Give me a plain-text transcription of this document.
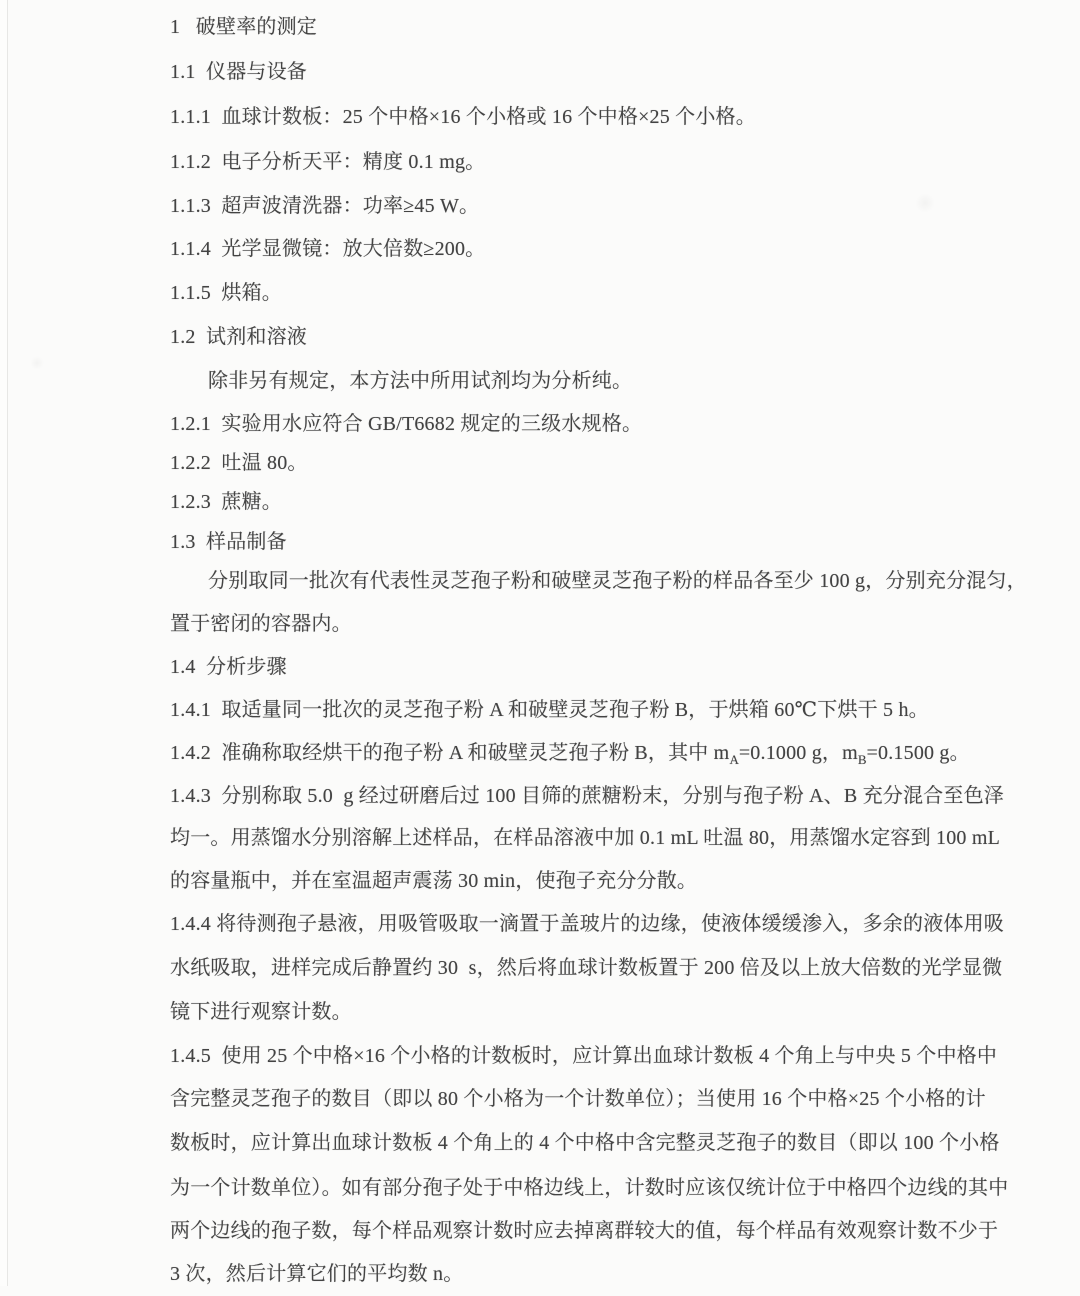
1   破壁率的测定

1.1  仪器与设备

1.1.1  血球计数板：25 个中格×16 个小格或 16 个中格×25 个小格。

1.1.2  电子分析天平：精度 0.1 mg。

1.1.3  超声波清洗器：功率≥45 W。

1.1.4  光学显微镜：放大倍数≥200。

1.1.5  烘箱。

1.2  试剂和溶液

除非另有规定，本方法中所用试剂均为分析纯。

1.2.1  实验用水应符合 GB/T6682 规定的三级水规格。

1.2.2  吐温 80。

1.2.3  蔗糖。

1.3  样品制备

分别取同一批次有代表性灵芝孢子粉和破壁灵芝孢子粉的样品各至少 100 g，分别充分混匀，

置于密闭的容器内。

1.4  分析步骤

1.4.1  取适量同一批次的灵芝孢子粉 A 和破壁灵芝孢子粉 B，于烘箱 60℃下烘干 5 h。

1.4.2  准确称取经烘干的孢子粉 A 和破壁灵芝孢子粉 B，其中 $m_A=0.1000$ g，$m_B=0.1500$ g。

1.4.3  分别称取 5.0  g 经过研磨后过 100 目筛的蔗糖粉末，分别与孢子粉 A、B 充分混合至色泽

均一。用蒸馏水分别溶解上述样品，在样品溶液中加 0.1 mL 吐温 80，用蒸馏水定容到 100 mL

的容量瓶中，并在室温超声震荡 30 min，使孢子充分分散。

1.4.4 将待测孢子悬液，用吸管吸取一滴置于盖玻片的边缘，使液体缓缓渗入，多余的液体用吸

水纸吸取，进样完成后静置约 30  s，然后将血球计数板置于 200 倍及以上放大倍数的光学显微

镜下进行观察计数。

1.4.5  使用 25 个中格×16 个小格的计数板时，应计算出血球计数板 4 个角上与中央 5 个中格中

含完整灵芝孢子的数目（即以 80 个小格为一个计数单位）；当使用 16 个中格×25 个小格的计

数板时，应计算出血球计数板 4 个角上的 4 个中格中含完整灵芝孢子的数目（即以 100 个小格

为一个计数单位）。如有部分孢子处于中格边线上，计数时应该仅统计位于中格四个边线的其中

两个边线的孢子数，每个样品观察计数时应去掉离群较大的值，每个样品有效观察计数不少于

3 次，然后计算它们的平均数 n。
